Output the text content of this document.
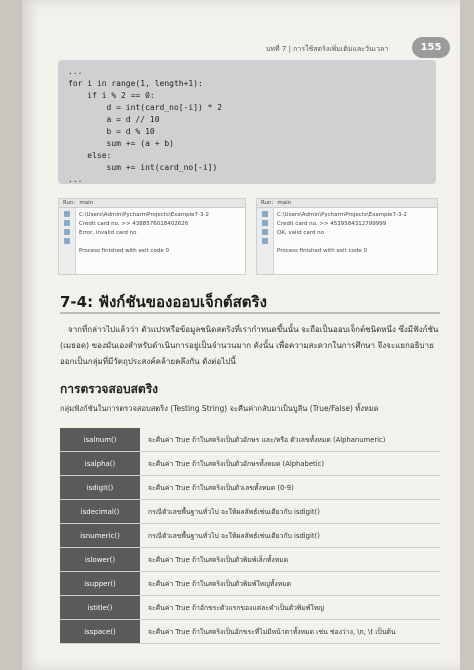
บทที่ 7 | การใช้สตริงเพิ่มเติมและวันเวลา	155
...
for i in range(1, length+1):
if i % 2 == 0:
d = int(card_no[-i]) * 2
a = d // 10
b = d % 10
sum += (a + b)
else:
sum += int(card_no[-i])
...
Run: main
C:\Users\Admin\PycharmProjects\Example7-3-2
Credit card no. >> 4388576018402626
Error, invalid card no

Process finished with exit code 0
Run: main
C:\Users\Admin\PycharmProjects\Example7-3-2
Credit card no. >> 4539584312799999
OK, valid card no

Process finished with exit code 0
7-4: ฟังก์ชันของออบเจ็กต์สตริง
จากที่กล่าวไปแล้วว่า ตัวแปรหรือข้อมูลชนิดสตริงที่เรากำหนดขึ้นนั้น จะถือเป็นออบเจ็กต์ชนิดหนึ่ง ซึ่งมีฟังก์ชัน (เมธอด) ของมันเองสำหรับดำเนินการอยู่เป็นจำนวนมาก ดังนั้น เพื่อความสะดวกในการศึกษา จึงจะแยกอธิบายออกเป็นกลุ่มที่มีวัตถุประสงค์คล้ายคลึงกัน ดังต่อไปนี้
การตรวจสอบสตริง
กลุ่มฟังก์ชันในการตรวจสอบสตริง (Testing String) จะคืนค่ากลับมาเป็นบูลีน (True/False) ทั้งหมด
isalnum()	จะคืนค่า True ถ้าในสตริงเป็นตัวอักษร และ/หรือ ตัวเลขทั้งหมด (Alphanumeric)
isalpha()	จะคืนค่า True ถ้าในสตริงเป็นตัวอักษรทั้งหมด (Alphabetic)
isdigit()	จะคืนค่า True ถ้าในสตริงเป็นตัวเลขทั้งหมด (0-9)
isdecimal()	กรณีตัวเลขพื้นฐานทั่วไป จะให้ผลลัพธ์เช่นเดียวกับ isdigit()
isnumeric()	กรณีตัวเลขพื้นฐานทั่วไป จะให้ผลลัพธ์เช่นเดียวกับ isdigit()
islower()	จะคืนค่า True ถ้าในสตริงเป็นตัวพิมพ์เล็กทั้งหมด
isupper()	จะคืนค่า True ถ้าในสตริงเป็นตัวพิมพ์ใหญ่ทั้งหมด
istitle()	จะคืนค่า True ถ้าอักขระตัวแรกของแต่ละคำเป็นตัวพิมพ์ใหญ่
isspace()	จะคืนค่า True ถ้าในสตริงเป็นอักขระที่ไม่มีหน้าตาทั้งหมด เช่น ช่องว่าง, \n, \t เป็นต้น
